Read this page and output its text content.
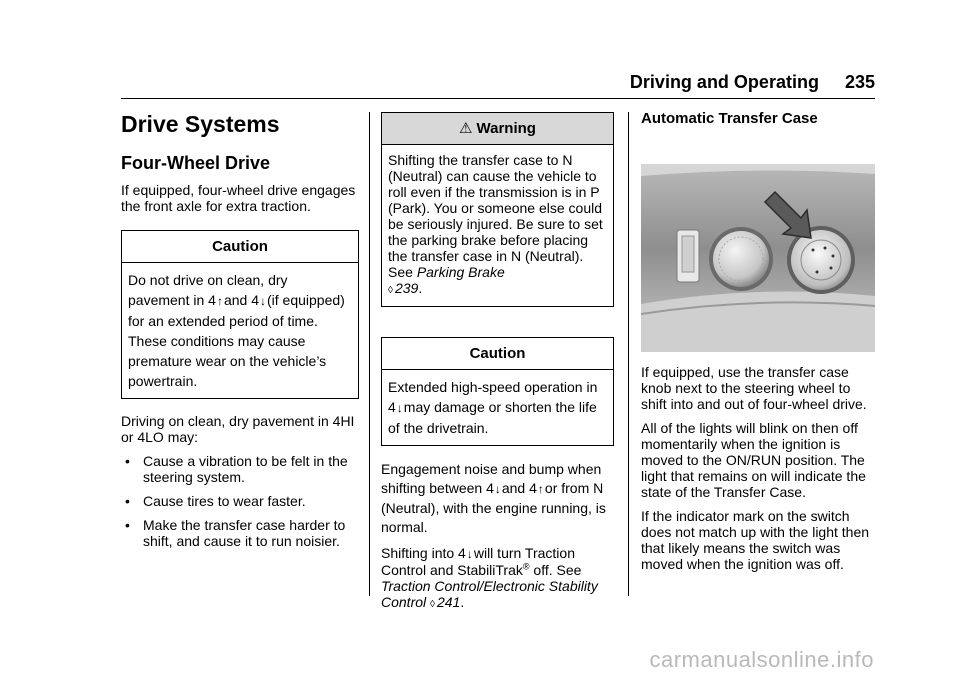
Driving and Operating 235
Drive Systems
Four-Wheel Drive

If equipped, four-wheel drive engages the front axle for extra traction.

Caution
Do not drive on clean, dry pavement in 4↑and 4↓(if equipped) for an extended period of time. These conditions may cause premature wear on the vehicle’s powertrain.

Driving on clean, dry pavement in 4HI or 4LO may:

• Cause a vibration to be felt in the steering system.
• Cause tires to wear faster.
• Make the transfer case harder to shift, and cause it to run noisier.
⚠ Warning
Shifting the transfer case to N (Neutral) can cause the vehicle to roll even if the transmission is in P (Park). You or someone else could be seriously injured. Be sure to set the parking brake before placing the transfer case in N (Neutral). See Parking Brake
◊ 239.
Caution
Extended high-speed operation in 4↓may damage or shorten the life of the drivetrain.

Engagement noise and bump when shifting between 4↓and 4↑or from N (Neutral), with the engine running, is normal.

Shifting into 4↓will turn Traction Control and StabiliTrak® off. See Traction Control/Electronic Stability Control ◊ 241.

Automatic Transfer Case

If equipped, use the transfer case knob next to the steering wheel to shift into and out of four-wheel drive.

All of the lights will blink on then off momentarily when the ignition is moved to the ON/RUN position. The light that remains on will indicate the state of the Transfer Case.

If the indicator mark on the switch does not match up with the light then that likely means the switch was moved when the ignition was off.

carmanualsonline.info
